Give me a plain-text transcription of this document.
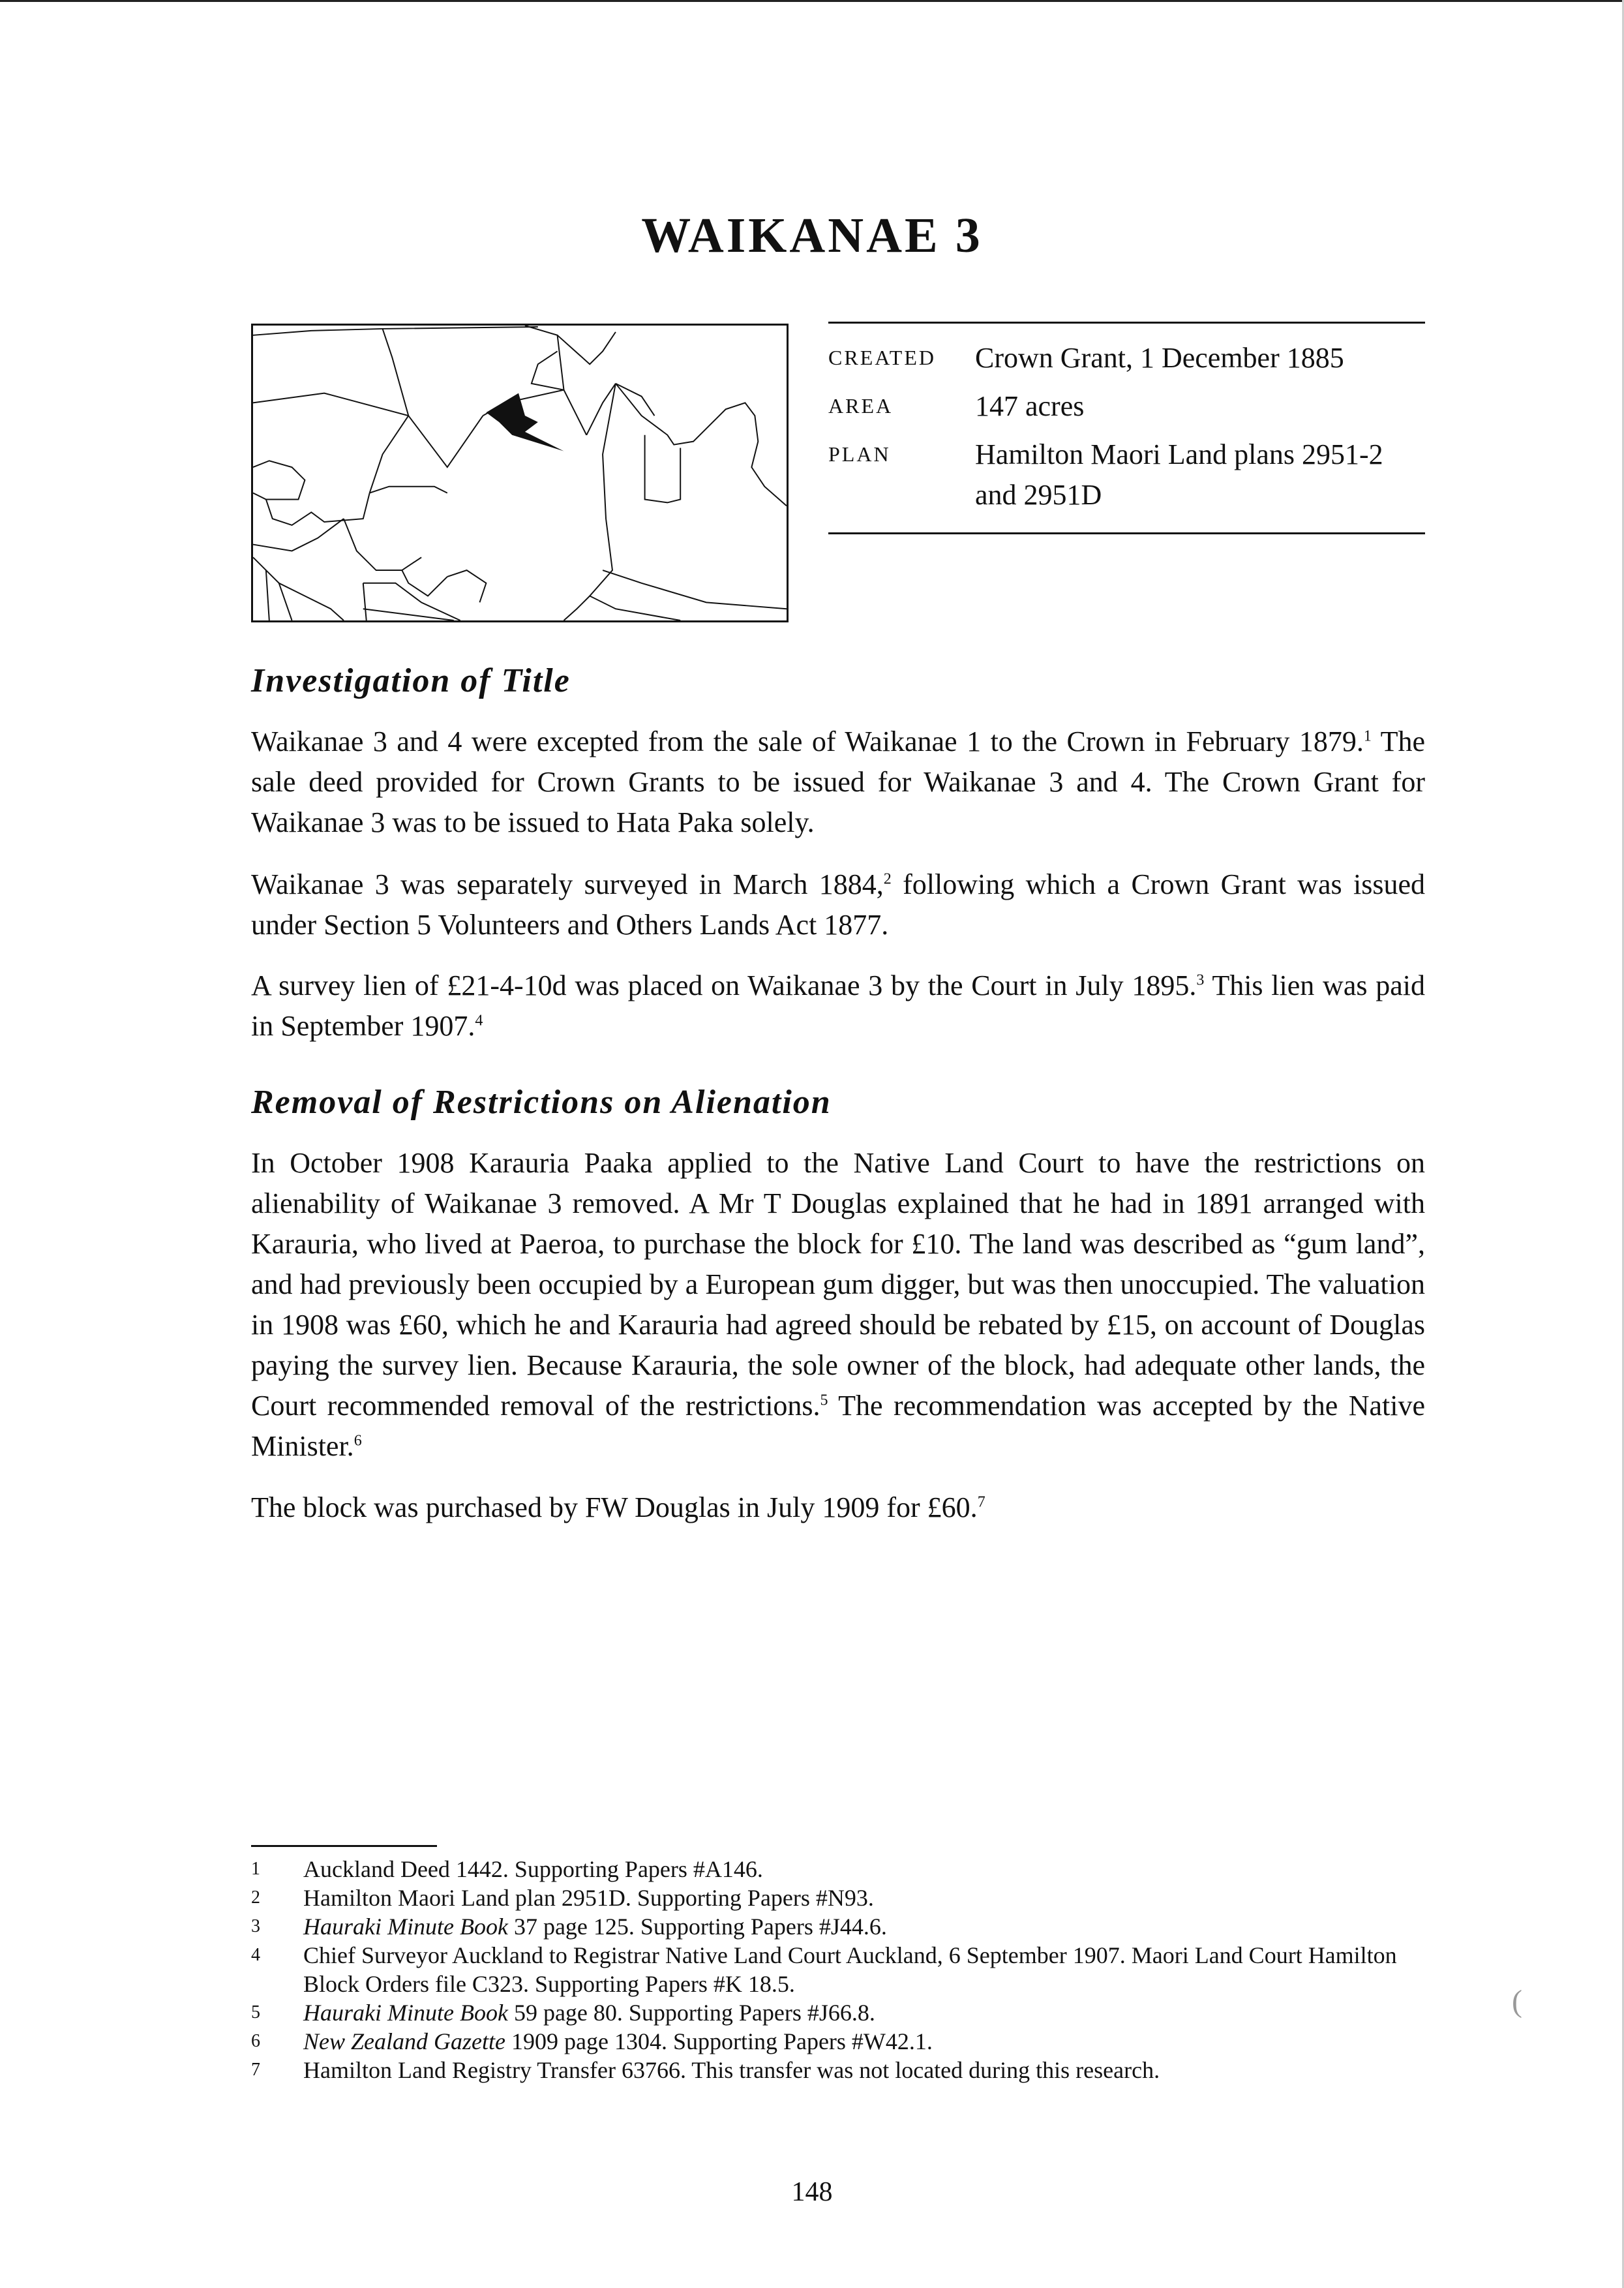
WAIKANAE 3
CREATED	Crown Grant, 1 December 1885
AREA	147 acres
PLAN	Hamilton Maori Land plans 2951-2 and 2951D
Investigation of Title

Waikanae 3 and 4 were excepted from the sale of Waikanae 1 to the Crown in February 1879.$^1$ The sale deed provided for Crown Grants to be issued for Waikanae 3 and 4. The Crown Grant for Waikanae 3 was to be issued to Hata Paka solely.

Waikanae 3 was separately surveyed in March 1884,$^2$ following which a Crown Grant was issued under Section 5 Volunteers and Others Lands Act 1877.

A survey lien of £21-4-10d was placed on Waikanae 3 by the Court in July 1895.$^3$ This lien was paid in September 1907.$^4$

Removal of Restrictions on Alienation

In October 1908 Karauria Paaka applied to the Native Land Court to have the restrictions on alienability of Waikanae 3 removed. A Mr T Douglas explained that he had in 1891 arranged with Karauria, who lived at Paeroa, to purchase the block for £10. The land was described as “gum land”, and had previously been occupied by a European gum digger, but was then unoccupied. The valuation in 1908 was £60, which he and Karauria had agreed should be rebated by £15, on account of Douglas paying the survey lien. Because Karauria, the sole owner of the block, had adequate other lands, the Court recommended removal of the restrictions.$^5$ The recommendation was accepted by the Native Minister.$^6$

The block was purchased by FW Douglas in July 1909 for £60.$^7$

1	Auckland Deed 1442. Supporting Papers #A146.
2	Hamilton Maori Land plan 2951D. Supporting Papers #N93.
3	Hauraki Minute Book 37 page 125. Supporting Papers #J44.6.
4	Chief Surveyor Auckland to Registrar Native Land Court Auckland, 6 September 1907. Maori Land Court Hamilton Block Orders file C323. Supporting Papers #K 18.5.
5	Hauraki Minute Book 59 page 80. Supporting Papers #J66.8.
6	New Zealand Gazette 1909 page 1304. Supporting Papers #W42.1.
7	Hamilton Land Registry Transfer 63766. This transfer was not located during this research.
(
148
